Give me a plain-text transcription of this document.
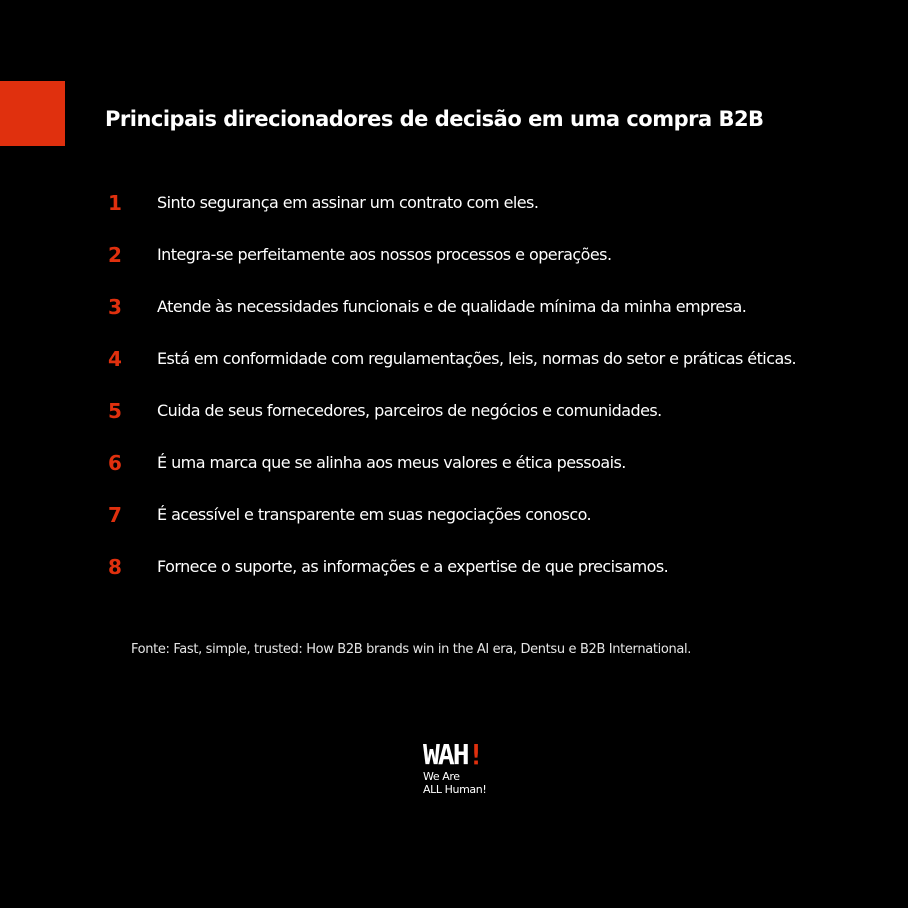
Principais direcionadores de decisão em uma compra B2B
1	Sinto segurança em assinar um contrato com eles.
2	Integra-se perfeitamente aos nossos processos e operações.
3	Atende às necessidades funcionais e de qualidade mínima da minha empresa.
4	Está em conformidade com regulamentações, leis, normas do setor e práticas éticas.
5	Cuida de seus fornecedores, parceiros de negócios e comunidades.
6	É uma marca que se alinha aos meus valores e ética pessoais.
7	É acessível e transparente em suas negociações conosco.
8	Fornece o suporte, as informações e a expertise de que precisamos.
Fonte: Fast, simple, trusted: How B2B brands win in the AI era, Dentsu e B2B International.
WAH!
We Are
ALL Human!
